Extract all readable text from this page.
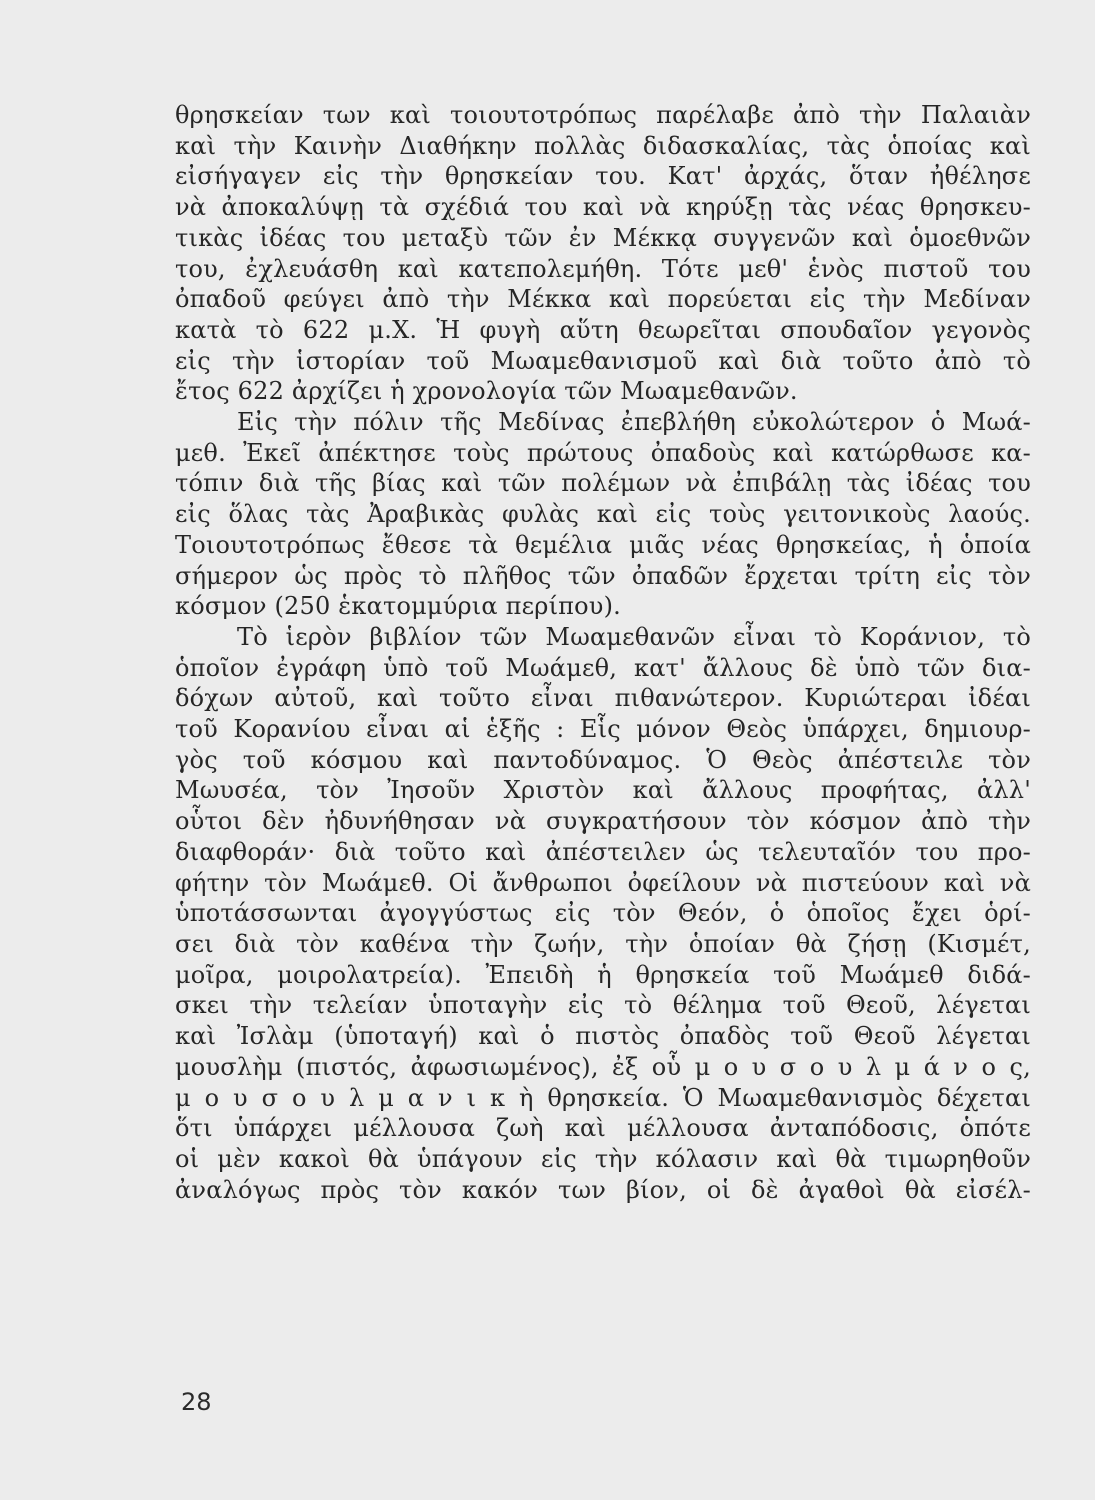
θρησκείαν των καὶ τοιουτοτρόπως παρέλαβε ἀπὸ τὴν Παλαιὰν
καὶ τὴν Καινὴν Διαθήκην πολλὰς διδασκαλίας, τὰς ὁποίας καὶ
εἰσήγαγεν εἰς τὴν θρησκείαν του. Κατ' ἀρχάς, ὅταν ἠθέλησε
νὰ ἀποκαλύψῃ τὰ σχέδιά του καὶ νὰ κηρύξῃ τὰς νέας θρησκευ-
τικὰς ἰδέας του μεταξὺ τῶν ἐν Μέκκᾳ συγγενῶν καὶ ὁμοεθνῶν
του, ἐχλευάσθη καὶ κατεπολεμήθη. Τότε μεθ' ἑνὸς πιστοῦ του
ὀπαδοῦ φεύγει ἀπὸ τὴν Μέκκα καὶ πορεύεται εἰς τὴν Μεδίναν
κατὰ τὸ 622 μ.Χ. Ἡ φυγὴ αὕτη θεωρεῖται σπουδαῖον γεγονὸς
εἰς τὴν ἱστορίαν τοῦ Μωαμεθανισμοῦ καὶ διὰ τοῦτο ἀπὸ τὸ
ἔτος 622 ἀρχίζει ἡ χρονολογία τῶν Μωαμεθανῶν.
Εἰς τὴν πόλιν τῆς Μεδίνας ἐπεβλήθη εὐκολώτερον ὁ Μωά-
μεθ. Ἐκεῖ ἀπέκτησε τοὺς πρώτους ὀπαδοὺς καὶ κατώρθωσε κα-
τόπιν διὰ τῆς βίας καὶ τῶν πολέμων νὰ ἐπιβάλῃ τὰς ἰδέας του
εἰς ὅλας τὰς Ἀραβικὰς φυλὰς καὶ εἰς τοὺς γειτονικοὺς λαούς.
Τοιουτοτρόπως ἔθεσε τὰ θεμέλια μιᾶς νέας θρησκείας, ἡ ὁποία
σήμερον ὡς πρὸς τὸ πλῆθος τῶν ὀπαδῶν ἔρχεται τρίτη εἰς τὸν
κόσμον (250 ἑκατομμύρια περίπου).
Τὸ ἱερὸν βιβλίον τῶν Μωαμεθανῶν εἶναι τὸ Κοράνιον, τὸ
ὁποῖον ἐγράφη ὑπὸ τοῦ Μωάμεθ, κατ' ἄλλους δὲ ὑπὸ τῶν δια-
δόχων αὐτοῦ, καὶ τοῦτο εἶναι πιθανώτερον. Κυριώτεραι ἰδέαι
τοῦ Κορανίου εἶναι αἱ ἑξῆς : Εἷς μόνον Θεὸς ὑπάρχει, δημιουρ-
γὸς τοῦ κόσμου καὶ παντοδύναμος. Ὁ Θεὸς ἀπέστειλε τὸν
Μωυσέα, τὸν Ἰησοῦν Χριστὸν καὶ ἄλλους προφήτας, ἀλλ'
οὗτοι δὲν ἠδυνήθησαν νὰ συγκρατήσουν τὸν κόσμον ἀπὸ τὴν
διαφθοράν· διὰ τοῦτο καὶ ἀπέστειλεν ὡς τελευταῖόν του προ-
φήτην τὸν Μωάμεθ. Οἱ ἄνθρωποι ὀφείλουν νὰ πιστεύουν καὶ νὰ
ὑποτάσσωνται ἀγογγύστως εἰς τὸν Θεόν, ὁ ὁποῖος ἔχει ὁρί-
σει διὰ τὸν καθένα τὴν ζωήν, τὴν ὁποίαν θὰ ζήσῃ (Κισμέτ,
μοῖρα, μοιρολατρεία). Ἐπειδὴ ἡ θρησκεία τοῦ Μωάμεθ διδά-
σκει τὴν τελείαν ὑποταγὴν εἰς τὸ θέλημα τοῦ Θεοῦ, λέγεται
καὶ Ἰσλὰμ (ὑποταγή) καὶ ὁ πιστὸς ὀπαδὸς τοῦ Θεοῦ λέγεται
μουσλὴμ (πιστός, ἀφωσιωμένος), ἐξ οὗ μ ο υ σ ο υ λ μ ά ν ο ς,
μ ο υ σ ο υ λ μ α ν ι κ ὴ θρησκεία. Ὁ Μωαμεθανισμὸς δέχεται
ὅτι ὑπάρχει μέλλουσα ζωὴ καὶ μέλλουσα ἀνταπόδοσις, ὁπότε
οἱ μὲν κακοὶ θὰ ὑπάγουν εἰς τὴν κόλασιν καὶ θὰ τιμωρηθοῦν
ἀναλόγως πρὸς τὸν κακόν των βίον, οἱ δὲ ἀγαθοὶ θὰ εἰσέλ-
28
